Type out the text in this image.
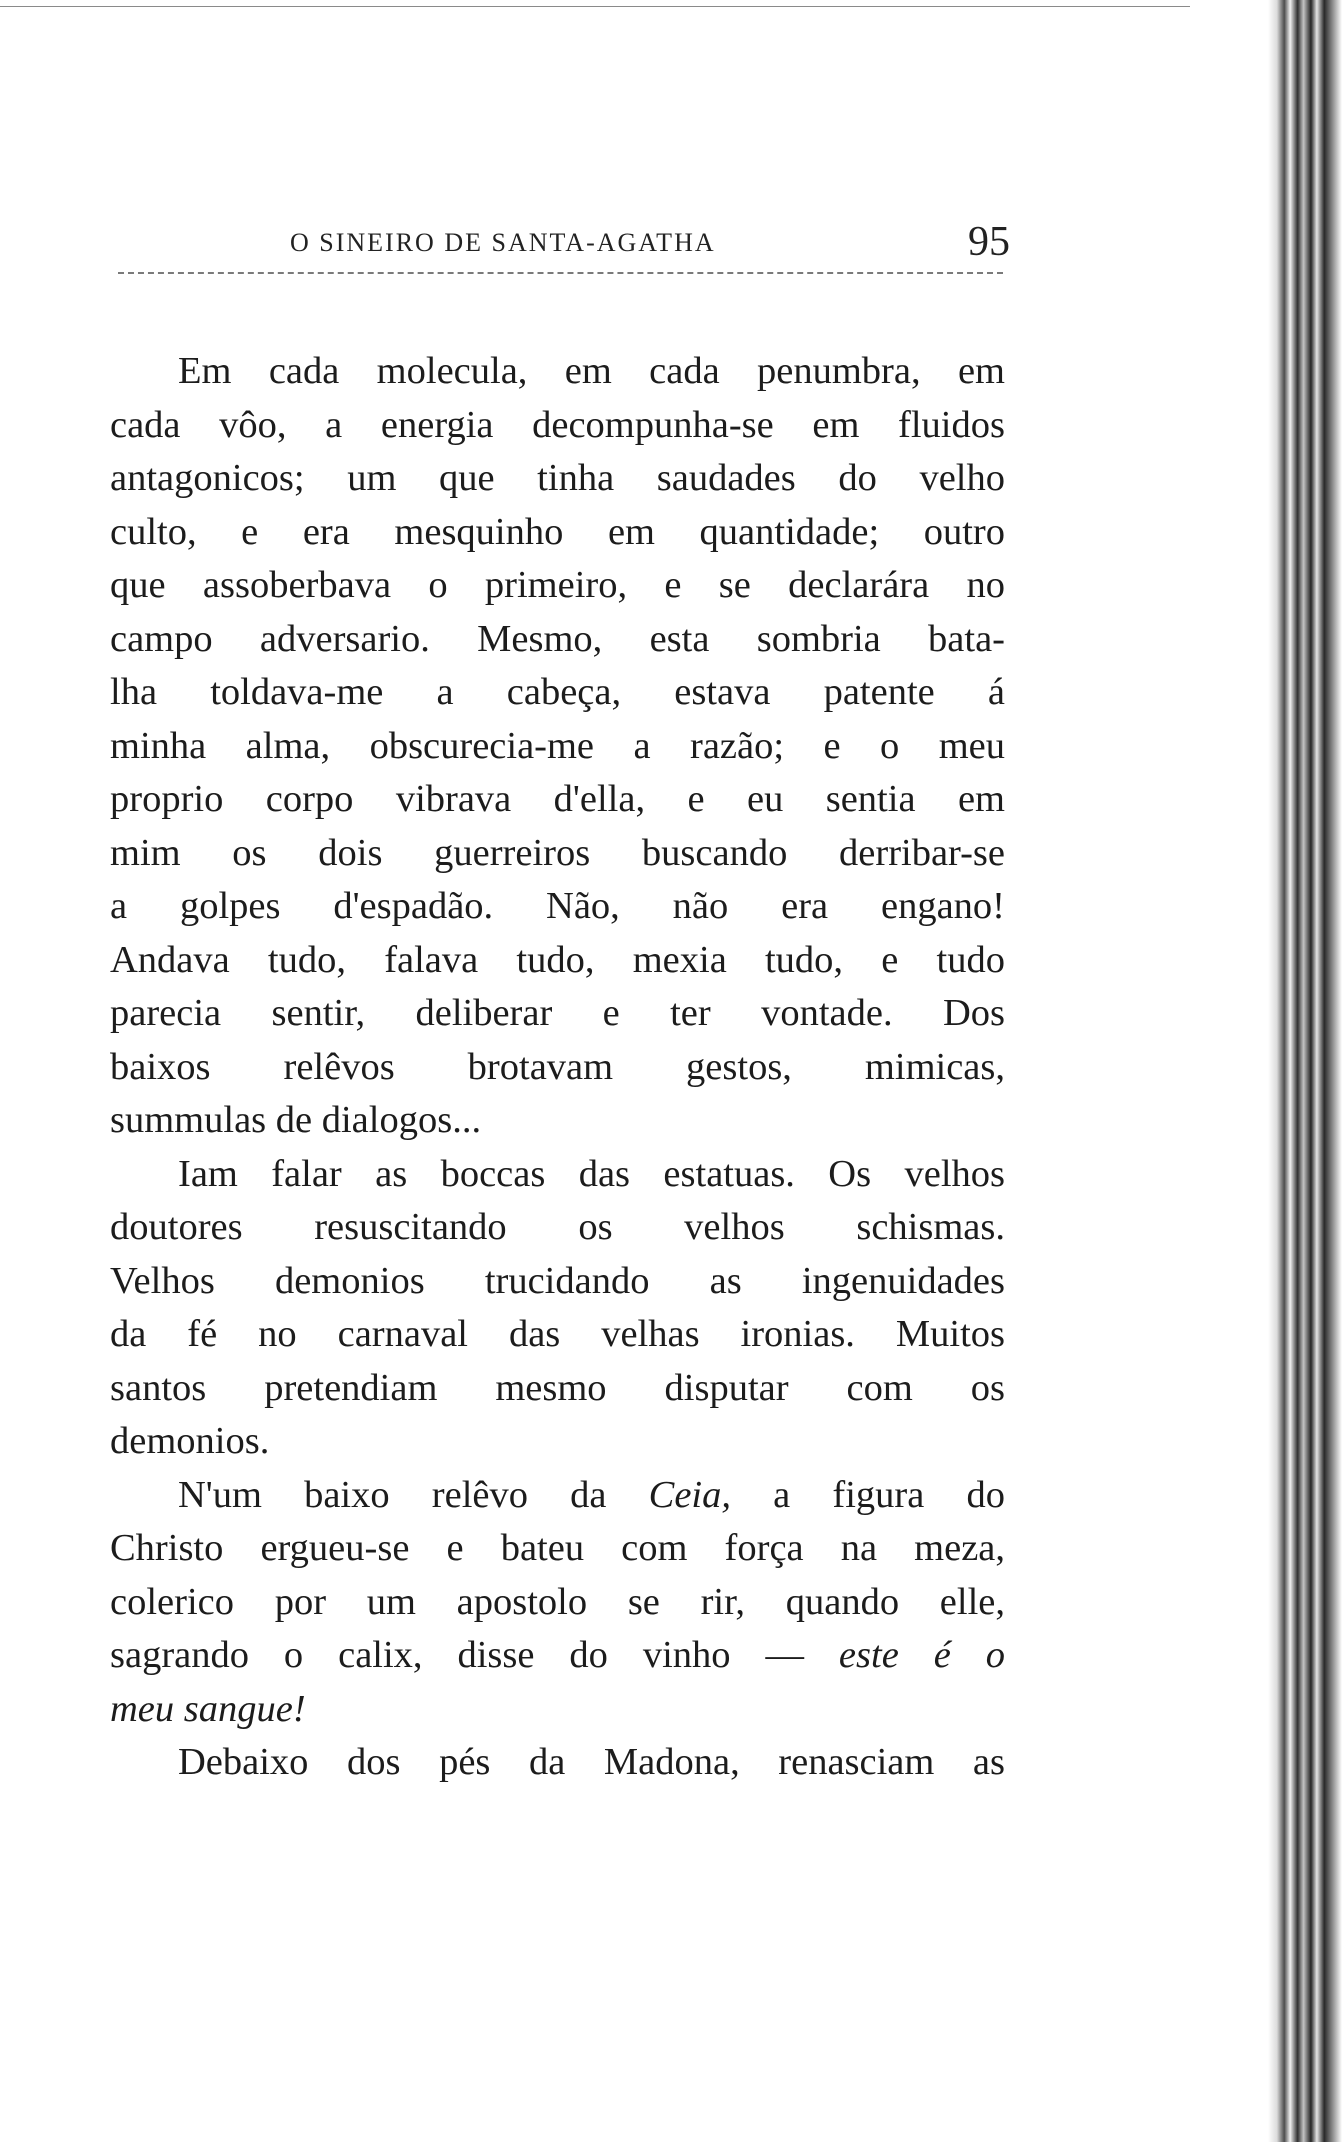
O SINEIRO DE SANTA-AGATHA	95
Em cada molecula, em cada penumbra, em
cada vôo, a energia decompunha-se em fluidos
antagonicos; um que tinha saudades do velho
culto, e era mesquinho em quantidade; outro
que assoberbava o primeiro, e se declarára no
campo adversario. Mesmo, esta sombria bata-
lha toldava-me a cabeça, estava patente á
minha alma, obscurecia-me a razão; e o meu
proprio corpo vibrava d'ella, e eu sentia em
mim os dois guerreiros buscando derribar-se
a golpes d'espadão. Não, não era engano!
Andava tudo, falava tudo, mexia tudo, e tudo
parecia sentir, deliberar e ter vontade. Dos
baixos relêvos brotavam gestos, mimicas,
summulas de dialogos...
Iam falar as boccas das estatuas. Os velhos
doutores resuscitando os velhos schismas.
Velhos demonios trucidando as ingenuidades
da fé no carnaval das velhas ironias. Muitos
santos pretendiam mesmo disputar com os
demonios.
N'um baixo relêvo da Ceia, a figura do
Christo ergueu-se e bateu com força na meza,
colerico por um apostolo se rir, quando elle,
sagrando o calix, disse do vinho — este é o
meu sangue!
Debaixo dos pés da Madona, renasciam as
